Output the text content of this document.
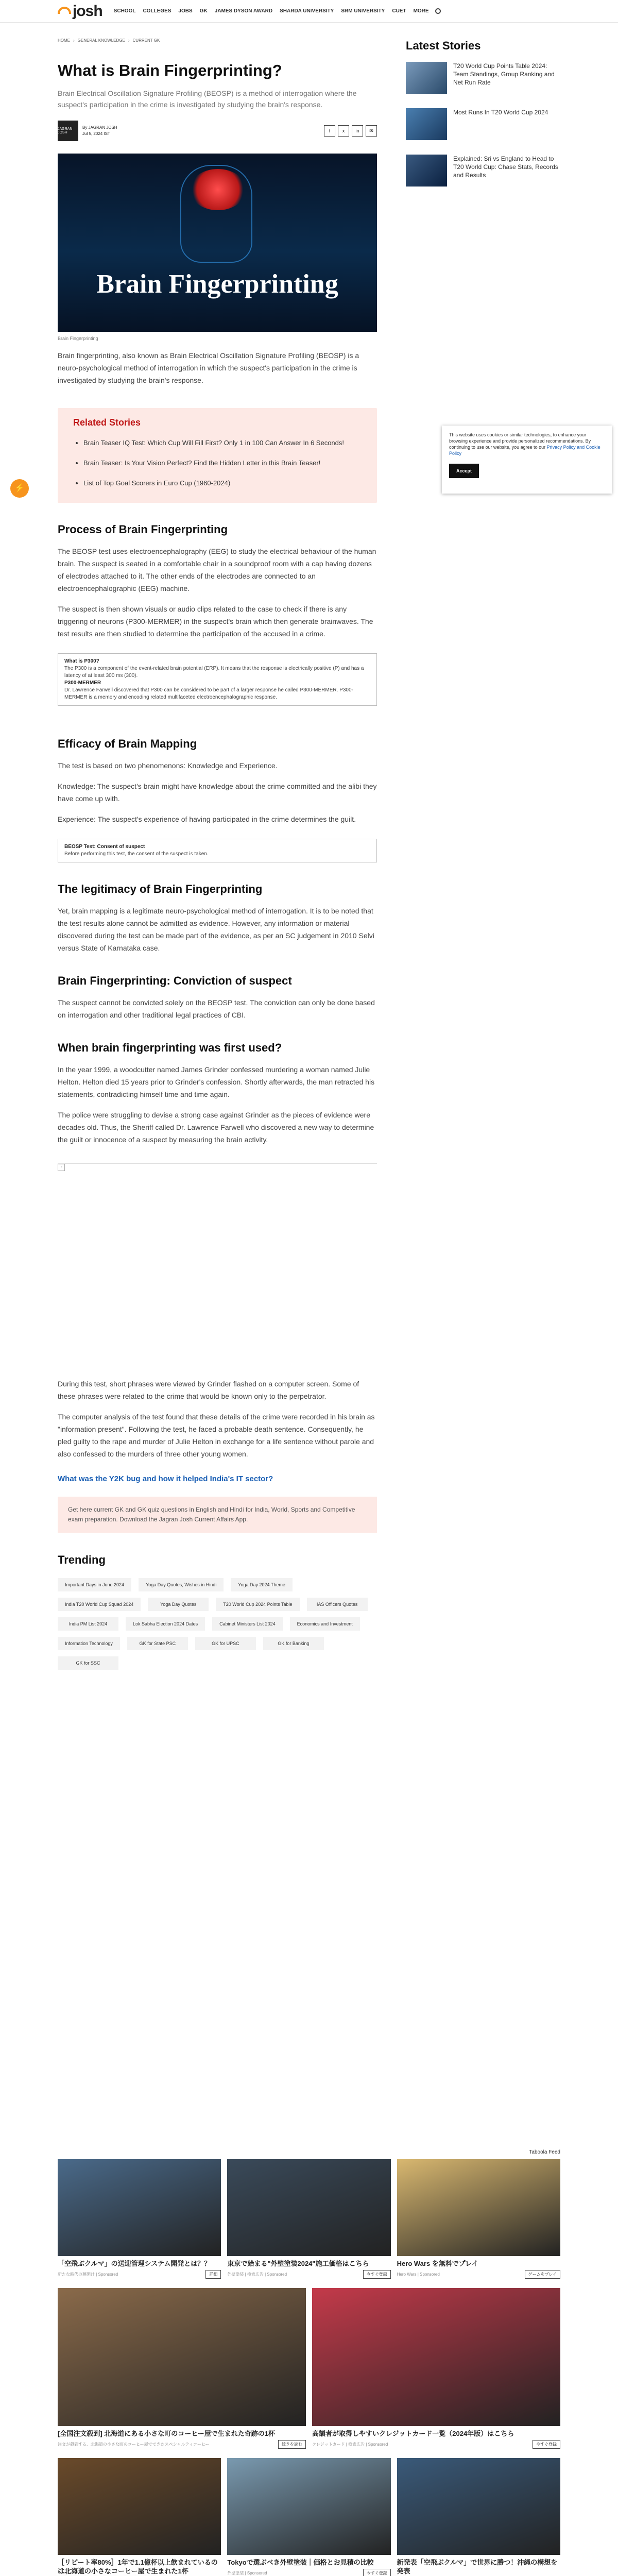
josh SCHOOL COLLEGES JOBS GK JAMES DYSON AWARD SHARDA UNIVERSITY SRM UNIVERSITY CUET MORE
HOME › GENERAL KNOWLEDGE › CURRENT GK
What is Brain Fingerprinting?
Brain Electrical Oscillation Signature Profiling (BEOSP) is a method of interrogation where the suspect's participation in the crime is investigated by studying the brain's response.
JAGRAN JOSH
By JAGRAN JOSH
Jul 5, 2024 IST
f	x	in	✉
Brain Fingerprinting
Brain Fingerprinting

Brain fingerprinting, also known as Brain Electrical Oscillation Signature Profiling (BEOSP) is a neuro-psychological method of interrogation in which the suspect's participation in the crime is investigated by studying the brain's response.

Related Stories
• Brain Teaser IQ Test: Which Cup Will Fill First? Only 1 in 100 Can Answer In 6 Seconds!
• Brain Teaser: Is Your Vision Perfect? Find the Hidden Letter in this Brain Teaser!
• List of Top Goal Scorers in Euro Cup (1960-2024)
Process of Brain Fingerprinting

The BEOSP test uses electroencephalography (EEG) to study the electrical behaviour of the human brain. The suspect is seated in a comfortable chair in a soundproof room with a cap having dozens of electrodes attached to it. The other ends of the electrodes are connected to an electroencephalographic (EEG) machine.

The suspect is then shown visuals or audio clips related to the case to check if there is any triggering of neurons (P300-MERMER) in the suspect's brain which then generate brainwaves. The test results are then studied to determine the participation of the accused in a crime.

What is P300?
The P300 is a component of the event-related brain potential (ERP). It means that the response is electrically positive (P) and has a latency of at least 300 ms (300).
P300-MERMER
Dr. Lawrence Farwell discovered that P300 can be considered to be part of a larger response he called P300-MERMER. P300-MERMER is a memory and encoding related multifaceted electroencephalographic response.
Efficacy of Brain Mapping

The test is based on two phenomenons: Knowledge and Experience.

Knowledge: The suspect's brain might have knowledge about the crime committed and the alibi they have come up with.

Experience: The suspect's experience of having participated in the crime determines the guilt.

BEOSP Test: Consent of suspect
Before performing this test, the consent of the suspect is taken.
The legitimacy of Brain Fingerprinting

Yet, brain mapping is a legitimate neuro-psychological method of interrogation. It is to be noted that the test results alone cannot be admitted as evidence. However, any information or material discovered during the test can be made part of the evidence, as per an SC judgement in 2010 Selvi versus State of Karnataka case.

Brain Fingerprinting: Conviction of suspect

The suspect cannot be convicted solely on the BEOSP test. The conviction can only be done based on interrogation and other traditional legal practices of CBI.

When brain fingerprinting was first used?

In the year 1999, a woodcutter named James Grinder confessed murdering a woman named Julie Helton. Helton died 15 years prior to Grinder's confession. Shortly afterwards, the man retracted his statements, contradicting himself time and time again.

The police were struggling to devise a strong case against Grinder as the pieces of evidence were decades old. Thus, the Sheriff called Dr. Lawrence Farwell who discovered a new way to determine the guilt or innocence of a suspect by measuring the brain activity.

▫

During this test, short phrases were viewed by Grinder flashed on a computer screen. Some of these phrases were related to the crime that would be known only to the perpetrator.

The computer analysis of the test found that these details of the crime were recorded in his brain as "information present". Following the test, he faced a probable death sentence. Consequently, he pled guilty to the rape and murder of Julie Helton in exchange for a life sentence without parole and also confessed to the murders of three other young women.

What was the Y2K bug and how it helped India's IT sector?
Get here current GK and GK quiz questions in English and Hindi for India, World, Sports and Competitive exam preparation. Download the Jagran Josh Current Affairs App.
Trending
Important Days in June 2024	Yoga Day Quotes, Wishes in Hindi	Yoga Day 2024 Theme
India T20 World Cup Squad 2024	Yoga Day Quotes	T20 World Cup 2024 Points Table	IAS Officers Quotes
India PM List 2024	Lok Sabha Election 2024 Dates	Cabinet Ministers List 2024	Economics and Investment
Information Technology	GK for State PSC	GK for UPSC	GK for Banking
GK for SSC
Latest Stories
T20 World Cup Points Table 2024: Team Standings, Group Ranking and Net Run Rate
Most Runs In T20 World Cup 2024
Explained: Sri vs England to Head to T20 World Cup: Chase Stats, Records and Results
This website uses cookies or similar technologies, to enhance your browsing experience and provide personalized recommendations. By continuing to use our website, you agree to our Privacy Policy and Cookie Policy
Accept
⚡
Taboola Feed
「空飛ぶクルマ」の送迎管理システム開発とは？？
新たな時代の幕開け | Sponsored	詳細
東京で始まる"外壁塗装2024"施工価格はこちら
外壁塗装 | 検索広告 | Sponsored	今すぐ登録
Hero Wars を無料でプレイ
Hero Wars | Sponsored	ゲームをプレイ
[全国注文殺到] 北海道にある小さな町のコーヒー屋で生まれた奇跡の1杯
注文が殺到する、北海道の小さな町のコーヒー屋でできたスペシャルティコーヒー	続きを読む
高額者が取得しやすいクレジットカード一覧（2024年版）はこちら
クレジットカード | 検索広告 | Sponsored	今すぐ登録
［リピート率80%］1年で1.1億杯以上飲まれているのは北海道の小さなコーヒー屋で生まれた1杯
Tokyoで選ぶべき外壁塗装｜価格とお見積の比較
外壁塗装 | Sponsored	今すぐ登録
新発表「空飛ぶクルマ」で世界に勝つ！沖縄の構想を発表
